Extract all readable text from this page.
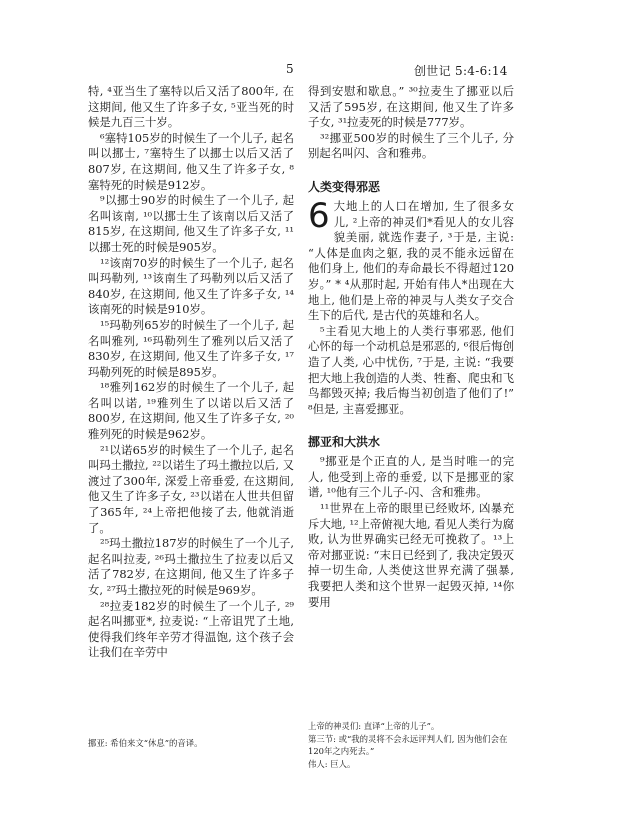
5	创世记 5:4-6:14

特, ⁴亚当生了塞特以后又活了800年, 在这期间, 他又生了许多子女, ⁵亚当死的时候是九百三十岁。

⁶塞特105岁的时候生了一个儿子, 起名叫以挪士, ⁷塞特生了以挪士以后又活了807岁, 在这期间, 他又生了许多子女, ⁸塞特死的时候是912岁。

⁹以挪士90岁的时候生了一个儿子, 起名叫该南, ¹⁰以挪士生了该南以后又活了815岁, 在这期间, 他又生了许多子女, ¹¹以挪士死的时候是905岁。

¹²该南70岁的时候生了一个儿子, 起名叫玛勒列, ¹³该南生了玛勒列以后又活了840岁, 在这期间, 他又生了许多子女, ¹⁴该南死的时候是910岁。

¹⁵玛勒列65岁的时候生了一个儿子, 起名叫雅列, ¹⁶玛勒列生了雅列以后又活了830岁, 在这期间, 他又生了许多子女, ¹⁷玛勒列死的时候是895岁。

¹⁸雅列162岁的时候生了一个儿子, 起名叫以诺, ¹⁹雅列生了以诺以后又活了800岁, 在这期间, 他又生了许多子女, ²⁰雅列死的时候是962岁。

²¹以诺65岁的时候生了一个儿子, 起名叫玛土撒拉, ²²以诺生了玛土撒拉以后, 又渡过了300年, 深爱上帝垂爱, 在这期间, 他又生了许多子女, ²³以诺在人世共但留了365年, ²⁴上帝把他接了去, 他就消逝了。

²⁵玛土撒拉187岁的时候生了一个儿子, 起名叫拉麦, ²⁶玛土撒拉生了拉麦以后又活了782岁, 在这期间, 他又生了许多子女, ²⁷玛土撒拉死的时候是969岁。

²⁸拉麦182岁的时候生了一个儿子, ²⁹起名叫挪亚*, 拉麦说: “上帝诅咒了土地, 使得我们终年辛劳才得温饱, 这个孩子会让我们在辛劳中

挪亚: 希伯来文“休息”的音译。

得到安慰和歇息。” ³⁰拉麦生了挪亚以后又活了595岁, 在这期间, 他又生了许多子女, ³¹拉麦死的时候是777岁。

³²挪亚500岁的时候生了三个儿子, 分别起名叫闪、含和雅弗。

人类变得邪恶

6 大地上的人口在增加, 生了很多女儿, ²上帝的神灵们*看见人的女儿容貌美丽, 就选作妻子, ³于是, 主说: “人体是血肉之躯, 我的灵不能永远留在他们身上, 他们的寿命最长不得超过120岁。” * ⁴从那时起, 开始有伟人*出现在大地上, 他们是上帝的神灵与人类女子交合生下的后代, 是古代的英雄和名人。

⁵主看见大地上的人类行事邪恶, 他们心怀的每一个动机总是邪恶的, ⁶很后悔创造了人类, 心中忧伤, ⁷于是, 主说: “我要把大地上我创造的人类、牲畜、爬虫和飞鸟都毁灭掉; 我后悔当初创造了他们了!” ⁸但是, 主喜爱挪亚。

挪亚和大洪水

⁹挪亚是个正直的人, 是当时唯一的完人, 他受到上帝的垂爱, 以下是挪亚的家谱, ¹⁰他有三个儿子-闪、含和雅弗。

¹¹世界在上帝的眼里已经败坏, 凶暴充斥大地, ¹²上帝俯视大地, 看见人类行为腐败, 认为世界确实已经无可挽救了。¹³上帝对挪亚说: “末日已经到了, 我决定毁灭掉一切生命, 人类使这世界充满了强暴, 我要把人类和这个世界一起毁灭掉, ¹⁴你要用

上帝的神灵们: 直译“上帝的儿子”。

第三节: 或“我的灵将不会永远评判人们, 因为他们会在120年之内死去。”

伟人: 巨人。
